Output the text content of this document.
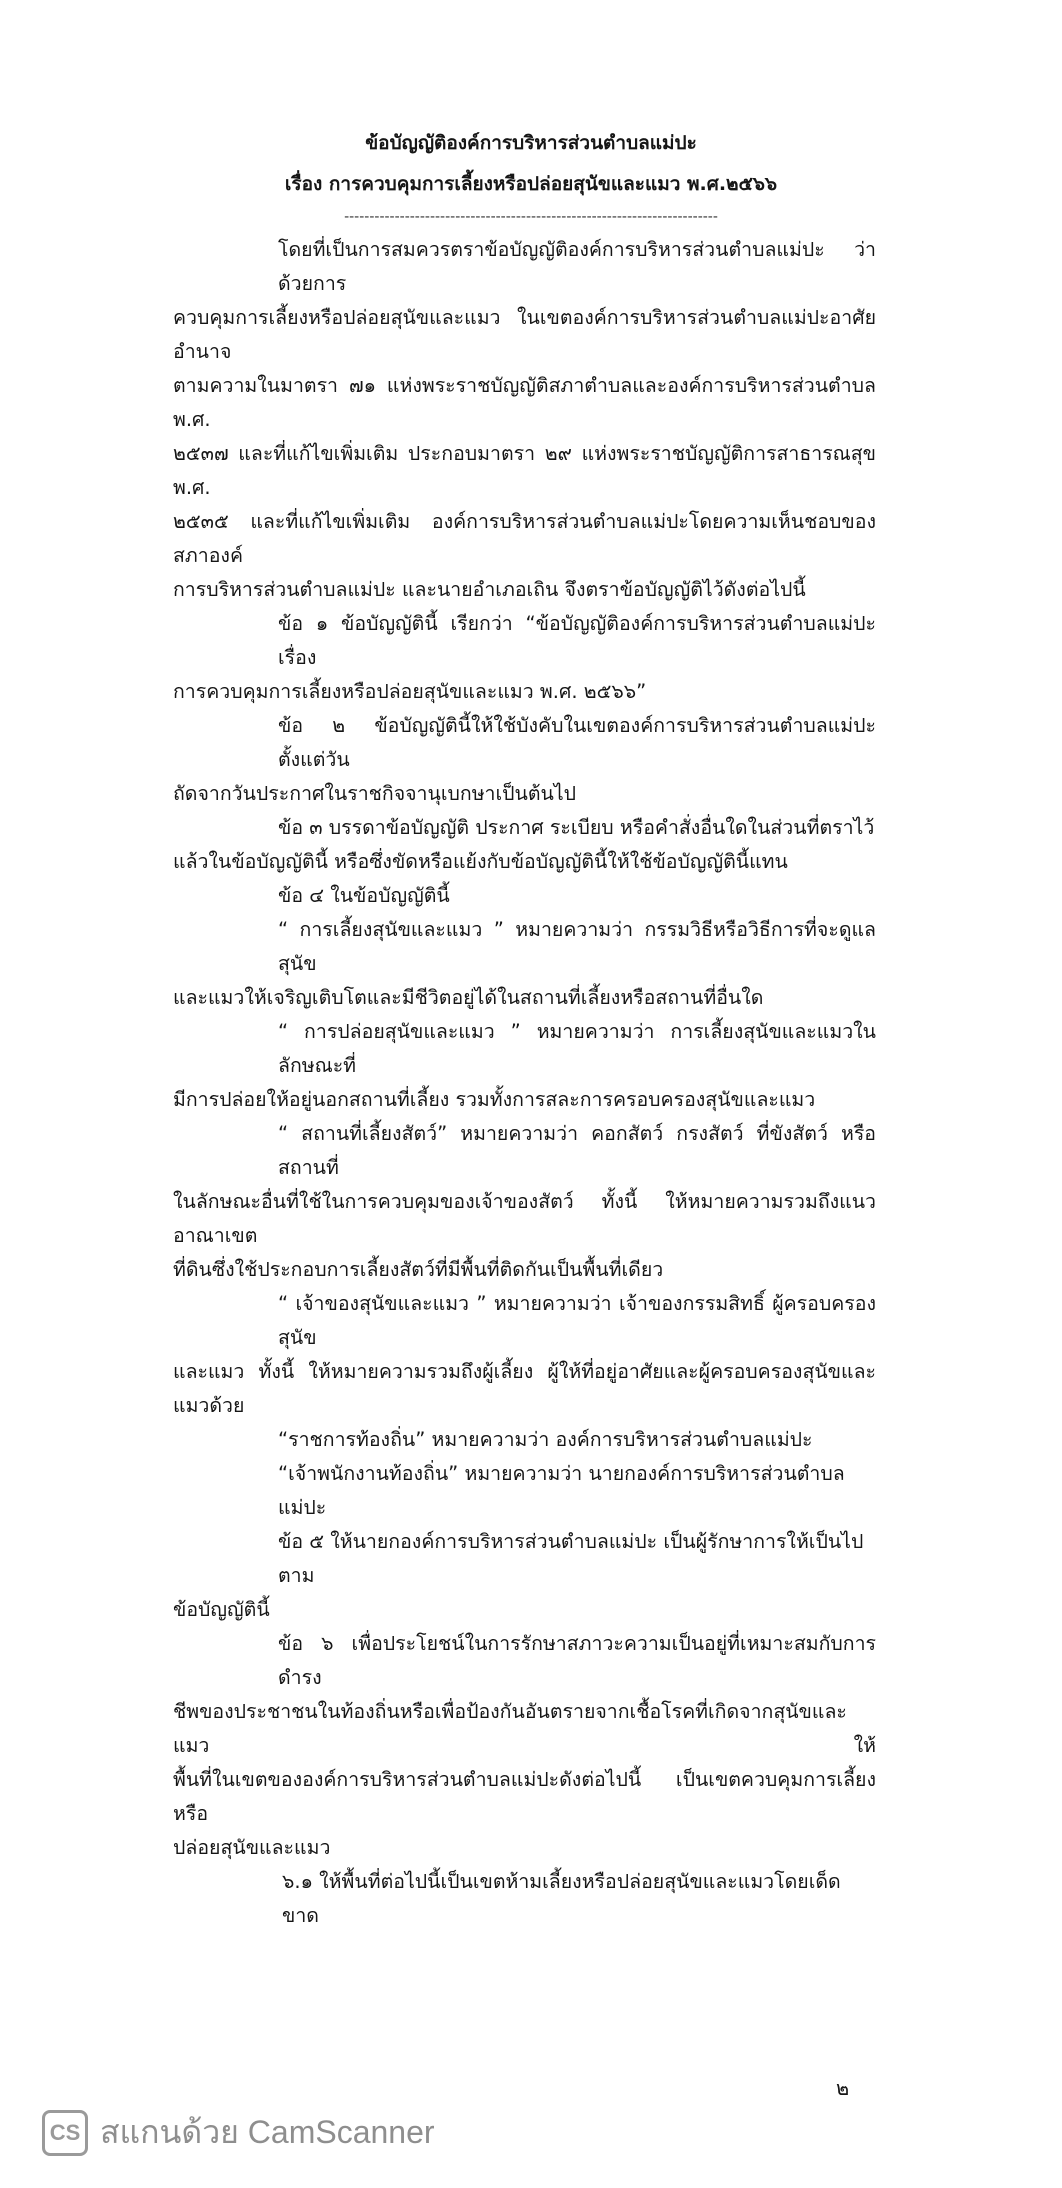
ข้อบัญญัติองค์การบริหารส่วนตำบลแม่ปะ
เรื่อง การควบคุมการเลี้ยงหรือปล่อยสุนัขและแมว พ.ศ.๒๕๖๖
--------------------------------------------------------------------------
โดยที่เป็นการสมควรตราข้อบัญญัติองค์การบริหารส่วนตำบลแม่ปะ ว่าด้วยการ
ควบคุมการเลี้ยงหรือปล่อยสุนัขและแมว ในเขตองค์การบริหารส่วนตำบลแม่ปะอาศัยอำนาจ
ตามความในมาตรา ๗๑ แห่งพระราชบัญญัติสภาตำบลและองค์การบริหารส่วนตำบล พ.ศ.
๒๕๓๗ และที่แก้ไขเพิ่มเติม ประกอบมาตรา ๒๙ แห่งพระราชบัญญัติการสาธารณสุข พ.ศ.
๒๕๓๕ และที่แก้ไขเพิ่มเติม องค์การบริหารส่วนตำบลแม่ปะโดยความเห็นชอบของสภาองค์
การบริหารส่วนตำบลแม่ปะ และนายอำเภอเถิน จึงตราข้อบัญญัติไว้ดังต่อไปนี้
ข้อ ๑ ข้อบัญญัตินี้ เรียกว่า “ข้อบัญญัติองค์การบริหารส่วนตำบลแม่ปะ เรื่อง
การควบคุมการเลี้ยงหรือปล่อยสุนัขและแมว พ.ศ. ๒๕๖๖”
ข้อ ๒ ข้อบัญญัตินี้ให้ใช้บังคับในเขตองค์การบริหารส่วนตำบลแม่ปะ ตั้งแต่วัน
ถัดจากวันประกาศในราชกิจจานุเบกษาเป็นต้นไป
ข้อ ๓ บรรดาข้อบัญญัติ ประกาศ ระเบียบ หรือคำสั่งอื่นใดในส่วนที่ตราไว้
แล้วในข้อบัญญัตินี้ หรือซึ่งขัดหรือแย้งกับข้อบัญญัตินี้ให้ใช้ข้อบัญญัตินี้แทน
ข้อ ๔ ในข้อบัญญัตินี้
“ การเลี้ยงสุนัขและแมว ” หมายความว่า กรรมวิธีหรือวิธีการที่จะดูแลสุนัข
และแมวให้เจริญเติบโตและมีชีวิตอยู่ได้ในสถานที่เลี้ยงหรือสถานที่อื่นใด
“ การปล่อยสุนัขและแมว ” หมายความว่า การเลี้ยงสุนัขและแมวในลักษณะที่
มีการปล่อยให้อยู่นอกสถานที่เลี้ยง รวมทั้งการสละการครอบครองสุนัขและแมว
“ สถานที่เลี้ยงสัตว์” หมายความว่า คอกสัตว์ กรงสัตว์ ที่ขังสัตว์ หรือสถานที่
ในลักษณะอื่นที่ใช้ในการควบคุมของเจ้าของสัตว์ ทั้งนี้ ให้หมายความรวมถึงแนวอาณาเขต
ที่ดินซึ่งใช้ประกอบการเลี้ยงสัตว์ที่มีพื้นที่ติดกันเป็นพื้นที่เดียว
“ เจ้าของสุนัขและแมว ” หมายความว่า เจ้าของกรรมสิทธิ์ ผู้ครอบครองสุนัข
และแมว ทั้งนี้ ให้หมายความรวมถึงผู้เลี้ยง ผู้ให้ที่อยู่อาศัยและผู้ครอบครองสุนัขและแมวด้วย
“ราชการท้องถิ่น” หมายความว่า องค์การบริหารส่วนตำบลแม่ปะ
“เจ้าพนักงานท้องถิ่น” หมายความว่า นายกองค์การบริหารส่วนตำบลแม่ปะ
ข้อ ๕ ให้นายกองค์การบริหารส่วนตำบลแม่ปะ เป็นผู้รักษาการให้เป็นไปตาม
ข้อบัญญัตินี้
ข้อ ๖ เพื่อประโยชน์ในการรักษาสภาวะความเป็นอยู่ที่เหมาะสมกับการดำรง
ชีพของประชาชนในท้องถิ่นหรือเพื่อป้องกันอันตรายจากเชื้อโรคที่เกิดจากสุนัขและแมว ให้
พื้นที่ในเขตขององค์การบริหารส่วนตำบลแม่ปะดังต่อไปนี้ เป็นเขตควบคุมการเลี้ยงหรือ
ปล่อยสุนัขและแมว
๖.๑ ให้พื้นที่ต่อไปนี้เป็นเขตห้ามเลี้ยงหรือปล่อยสุนัขและแมวโดยเด็ดขาด
๒
CS สแกนด้วย CamScanner
